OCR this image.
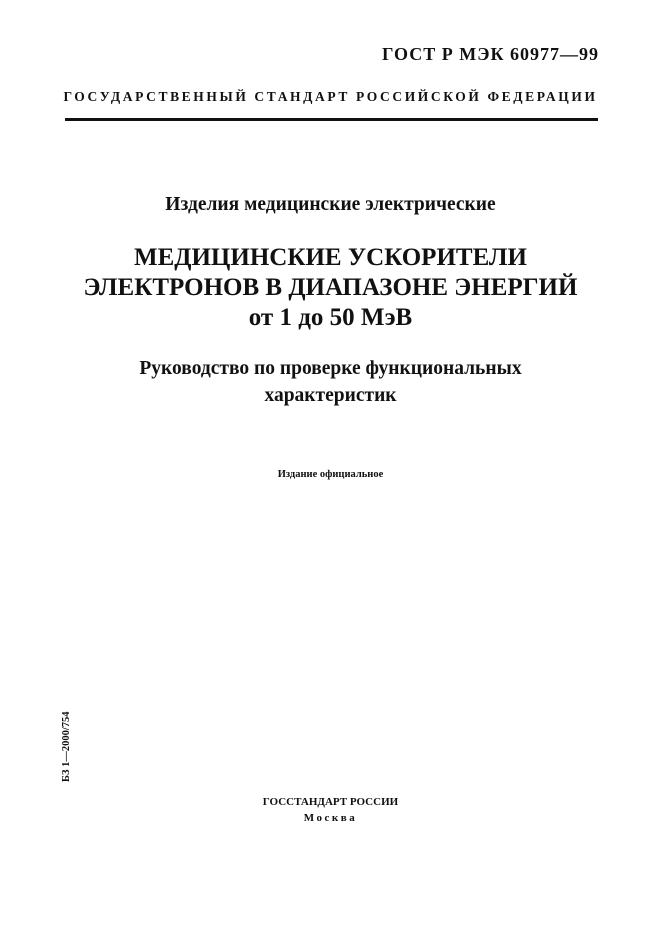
ГОСТ Р МЭК 60977—99
ГОСУДАРСТВЕННЫЙ СТАНДАРТ РОССИЙСКОЙ ФЕДЕРАЦИИ
Изделия медицинские электрические
МЕДИЦИНСКИЕ УСКОРИТЕЛИ
ЭЛЕКТРОНОВ В ДИАПАЗОНЕ ЭНЕРГИЙ
от 1 до 50 МэВ
Руководство по проверке функциональных
характеристик
Издание официальное
БЗ 1—2000/754
ГОССТАНДАРТ РОССИИ
Москва
